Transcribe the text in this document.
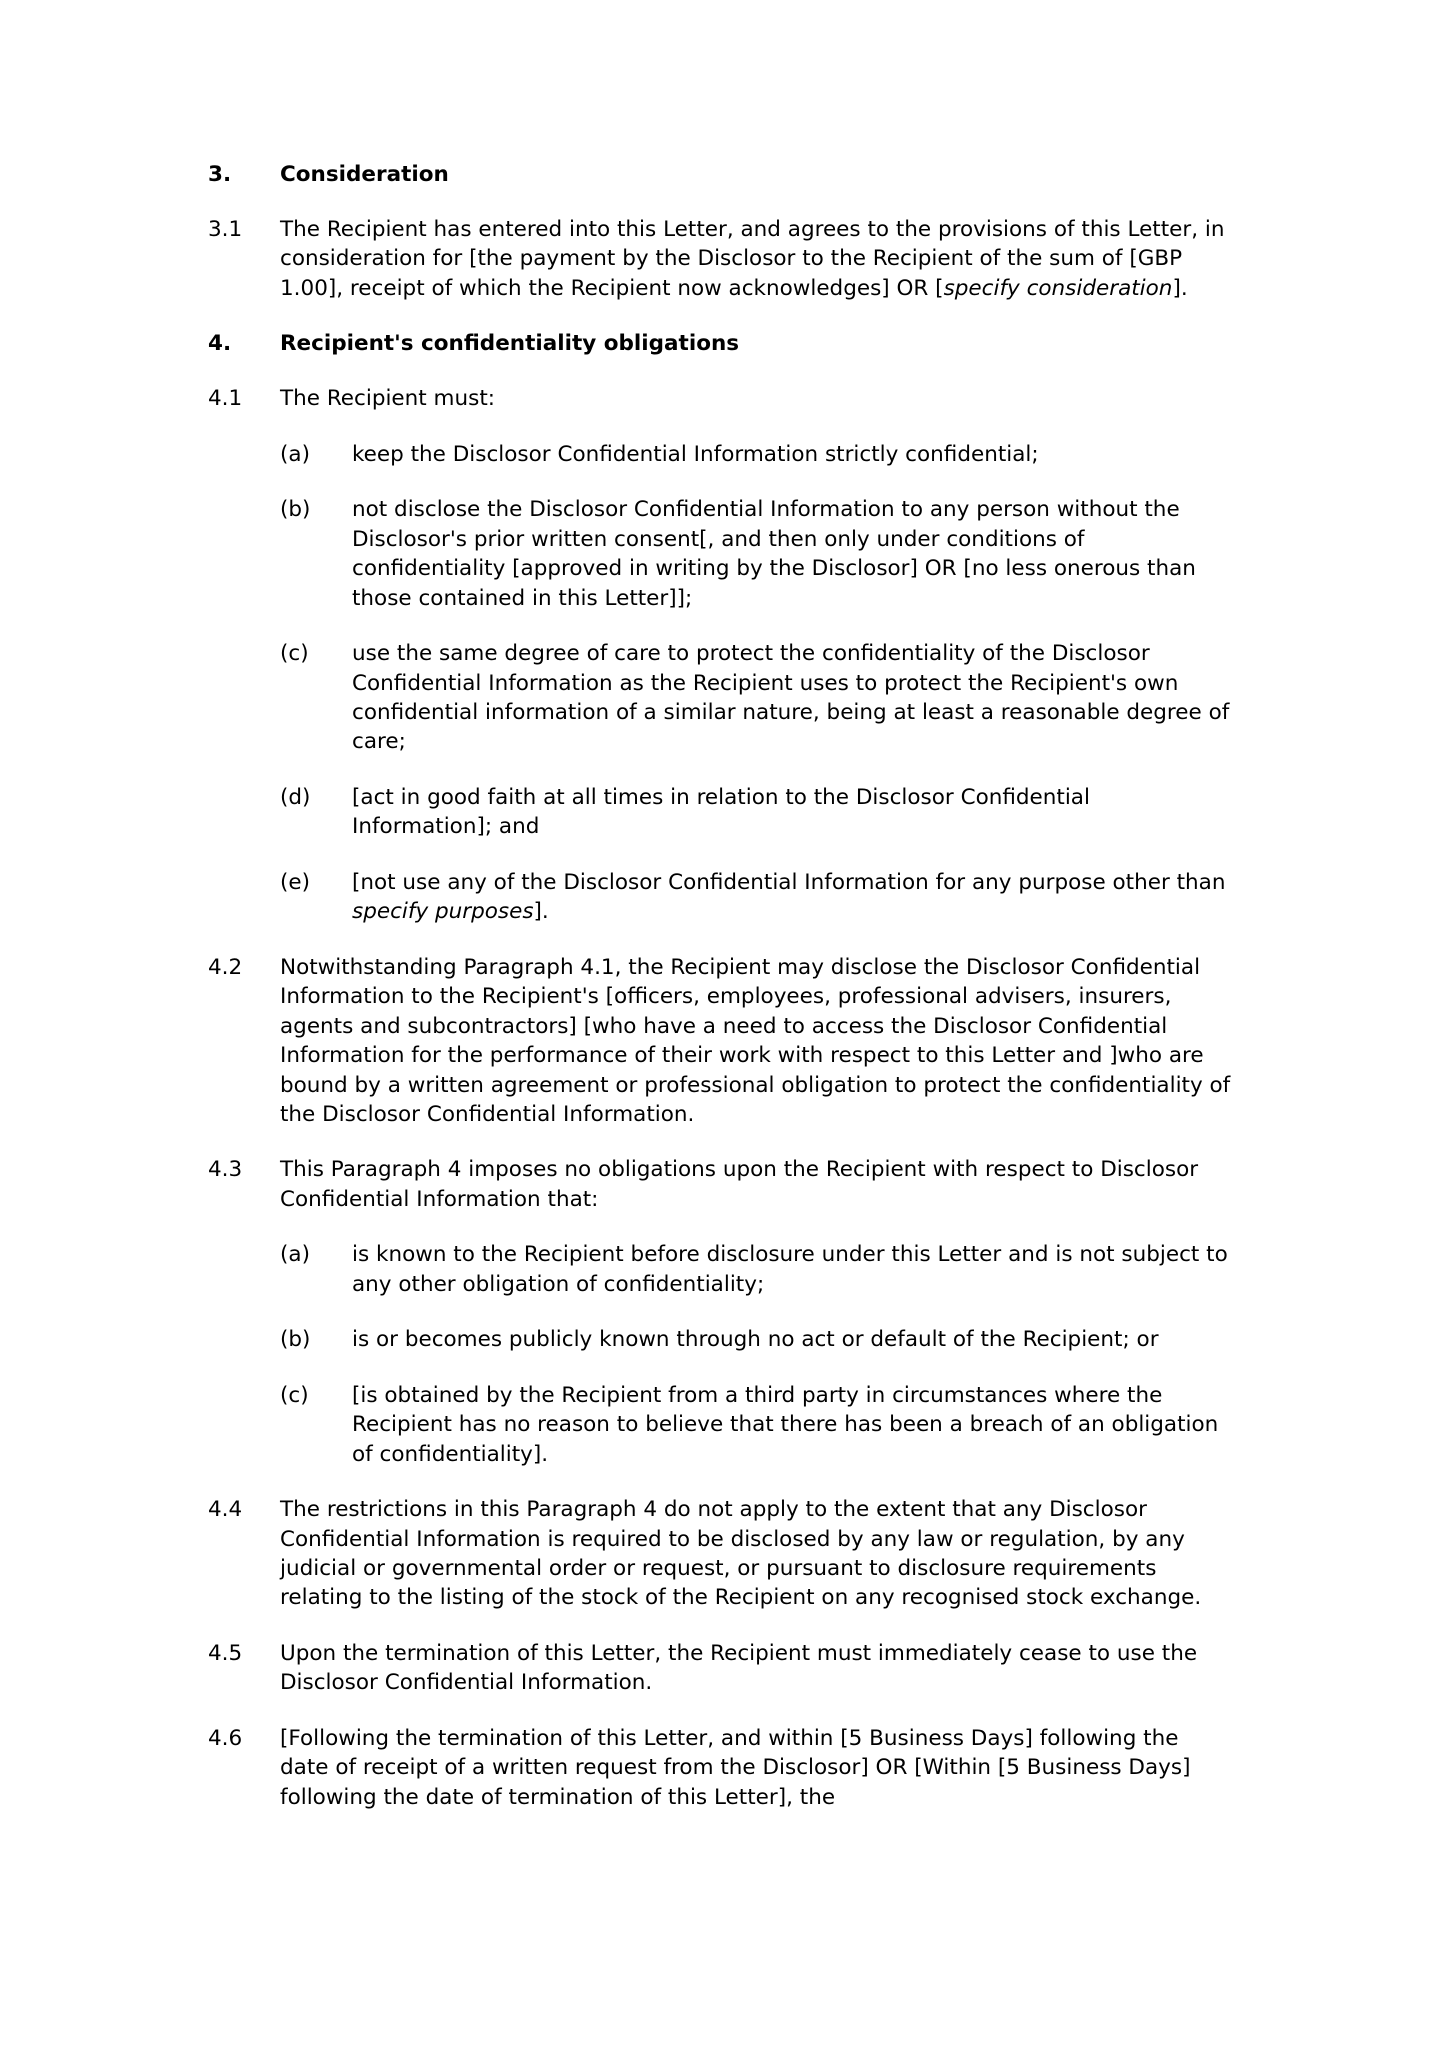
3.	Consideration
3.1	The Recipient has entered into this Letter, and agrees to the provisions of this Letter, in consideration for [the payment by the Disclosor to the Recipient of the sum of [GBP 1.00], receipt of which the Recipient now acknowledges] OR [specify consideration].
4.	Recipient's confidentiality obligations
4.1	The Recipient must:
(a)	keep the Disclosor Confidential Information strictly confidential;
(b)	not disclose the Disclosor Confidential Information to any person without the Disclosor's prior written consent[, and then only under conditions of confidentiality [approved in writing by the Disclosor] OR [no less onerous than those contained in this Letter]];
(c)	use the same degree of care to protect the confidentiality of the Disclosor Confidential Information as the Recipient uses to protect the Recipient's own confidential information of a similar nature, being at least a reasonable degree of care;
(d)	[act in good faith at all times in relation to the Disclosor Confidential Information]; and
(e)	[not use any of the Disclosor Confidential Information for any purpose other than specify purposes].
4.2	Notwithstanding Paragraph 4.1, the Recipient may disclose the Disclosor Confidential Information to the Recipient's [officers, employees, professional advisers, insurers, agents and subcontractors] [who have a need to access the Disclosor Confidential Information for the performance of their work with respect to this Letter and ]who are bound by a written agreement or professional obligation to protect the confidentiality of the Disclosor Confidential Information.
4.3	This Paragraph 4 imposes no obligations upon the Recipient with respect to Disclosor Confidential Information that:
(a)	is known to the Recipient before disclosure under this Letter and is not subject to any other obligation of confidentiality;
(b)	is or becomes publicly known through no act or default of the Recipient; or
(c)	[is obtained by the Recipient from a third party in circumstances where the Recipient has no reason to believe that there has been a breach of an obligation of confidentiality].
4.4	The restrictions in this Paragraph 4 do not apply to the extent that any Disclosor Confidential Information is required to be disclosed by any law or regulation, by any judicial or governmental order or request, or pursuant to disclosure requirements relating to the listing of the stock of the Recipient on any recognised stock exchange.
4.5	Upon the termination of this Letter, the Recipient must immediately cease to use the Disclosor Confidential Information.
4.6	[Following the termination of this Letter, and within [5 Business Days] following the date of receipt of a written request from the Disclosor] OR [Within [5 Business Days] following the date of termination of this Letter], the
